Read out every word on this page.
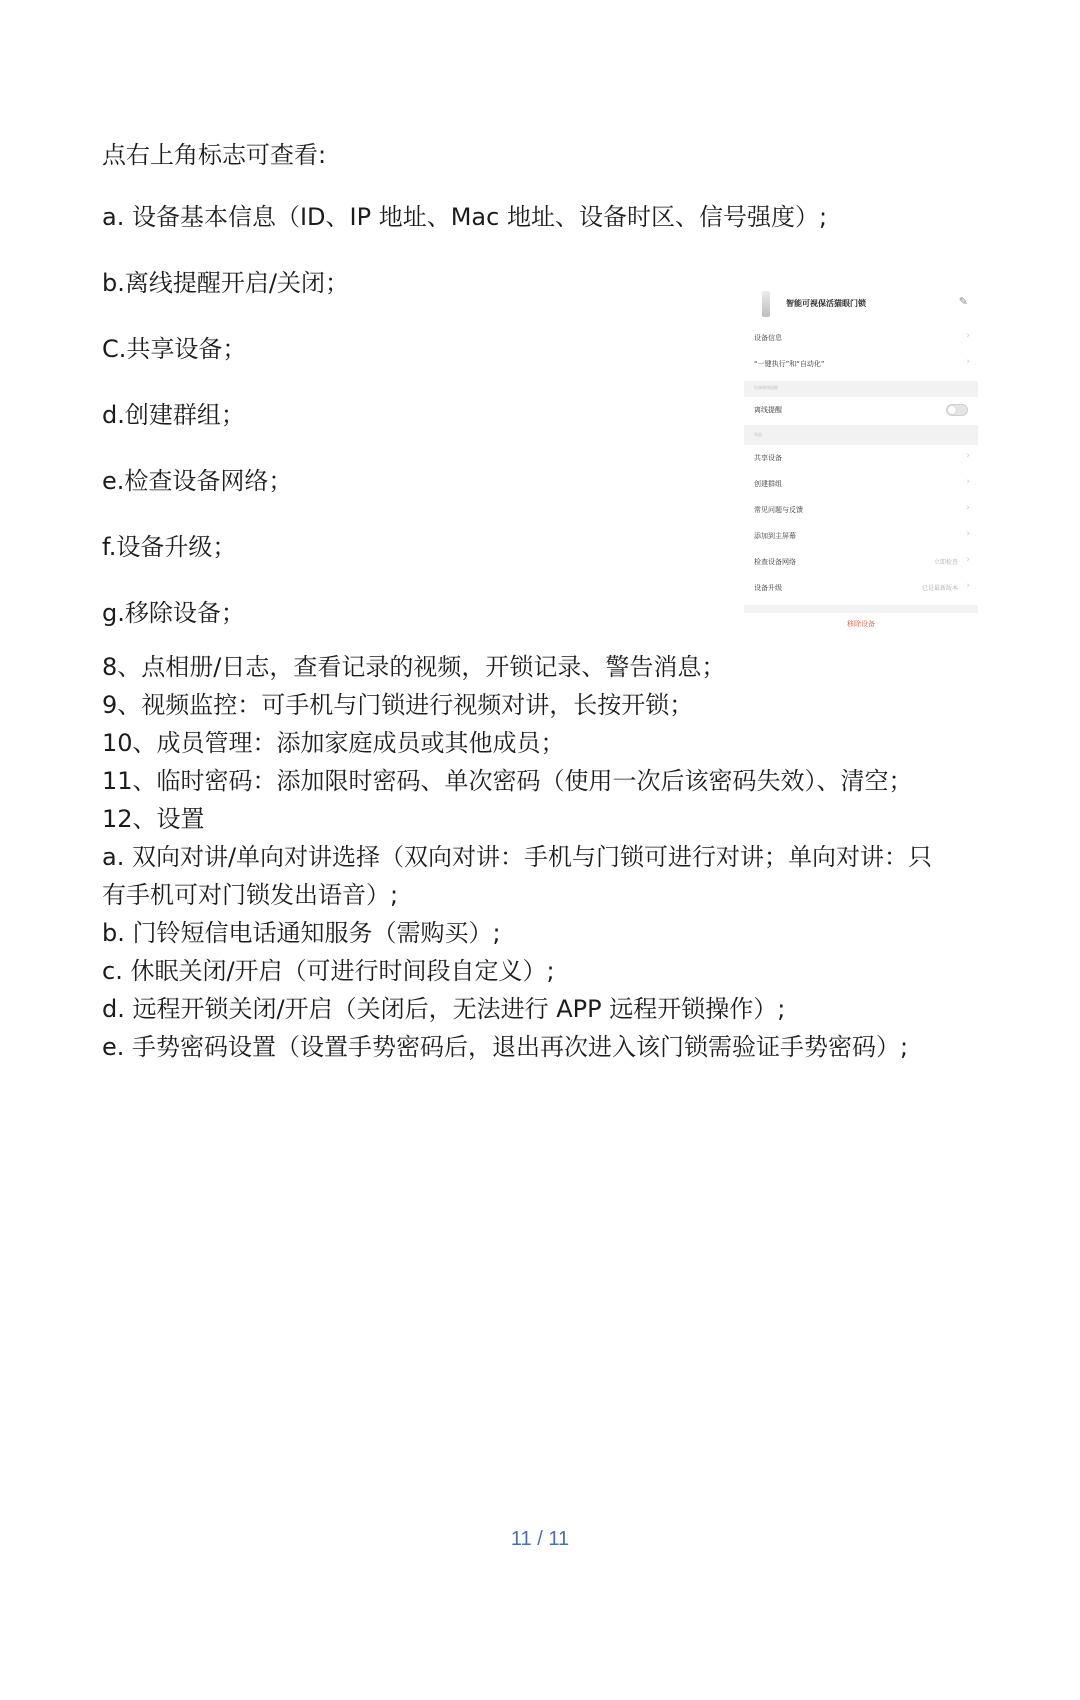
点右上角标志可查看:

a. 设备基本信息（ID、IP 地址、Mac 地址、设备时区、信号强度）;

b.离线提醒开启/关闭；

C.共享设备；

d.创建群组；

e.检查设备网络；

f.设备升级；

g.移除设备；

8、点相册/日志，查看记录的视频，开锁记录、警告消息；

9、视频监控：可手机与门锁进行视频对讲，长按开锁；

10、成员管理：添加家庭成员或其他成员；

11、临时密码：添加限时密码、单次密码（使用一次后该密码失效）、清空；

12、设置

a. 双向对讲/单向对讲选择（双向对讲：手机与门锁可进行对讲；单向对讲：只

有手机可对门锁发出语音）;

b. 门铃短信电话通知服务（需购买）;

c. 休眠关闭/开启（可进行时间段自定义）;

d. 远程开锁关闭/开启（关闭后，无法进行 APP 远程开锁操作）;

e. 手势密码设置（设置手势密码后，退出再次进入该门锁需验证手势密码）;

智能可视保活猫眼门锁	✎
设备信息	›
“一键执行”和“自动化”	›
设备离线提醒
离线提醒
其他
共享设备	›
创建群组	›
常见问题与反馈	›
添加到主屏幕	›
检查设备网络	立即检查 ›
设备升级	已是最新版本 ›
移除设备
11 / 11
